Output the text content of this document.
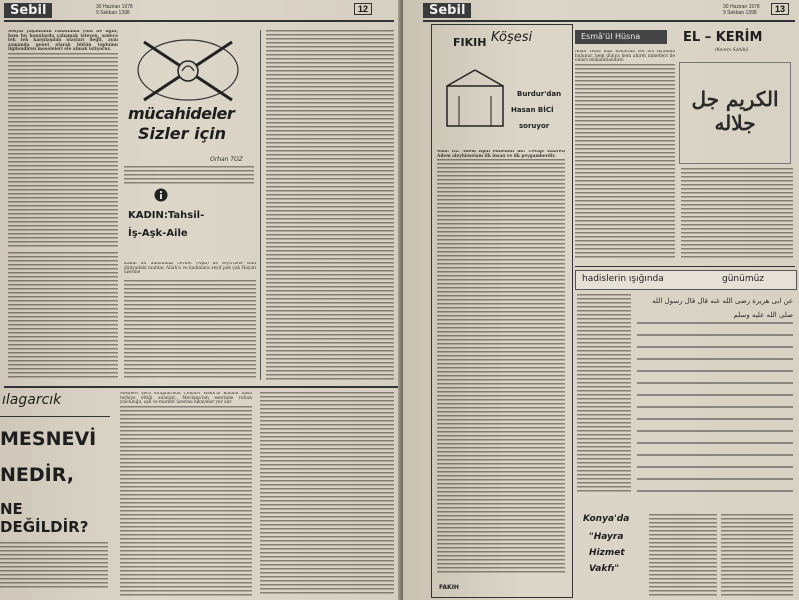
Sebil	30 Haziran 1978
9 Sekban 1398	12

Sosyal yaşantının rahatlama yolu ile ilgili, hem bu konularda çalışmak isteyen, sadece tek tek karşılaşılan olayları değil, aynı zamanda genel olarak bütün toplumu ilgilendiren meseleleri ele almak istiyoruz.

mücahideler
Sizler için
Orhan TOZ
KADIN:Tahsil-
İş-Aşk-Aile

Kadın bir anlatılmaz cevher (Aşkı) ile zeyd'nete olan dünyadaki muhtac Allah'a ve kadınlara zeyd pek çok Hayatı üzerine

ılagarcık
MESNEVİ
NEDİR,
NE DEĞİLDİR?

Mesnevi şerh kitaplarında Cenab-ı Hakk'ın kulunu nasıl terbiye ettiği anlatılır; Mevlana'nın eserinde ruhun yolculuğu, aşk ve marifet üzerine hikayeler yer alır.

Sebil	30 Haziran 1978
9 Sekban 1398	13
FIKIH Köşesi
Burdur'dan
Hasan BİCİ
soruyor

Sual: Hz. Adem ispat edilebilir mi? Cevap: Hazreti Adem aleyhisselam ilk insan ve ilk peygamberdir.

FAKIH
Esmâ'ül Hüsna	EL – KERİM
(Kerem Sahibi)

Allah Teala bazı kullarına bol bol ikramda bulunur, hem dünya hem ahiret nimetleri ile onları mükafatlandırır.

الكريم جل جلاله
hadislerin ışığında	günümüz
عن ابى هريرة رضى الله عنه قال قال رسول الله صلى الله عليه وسلم
Konya'da
"Hayra
Hizmet
Vakfı"
